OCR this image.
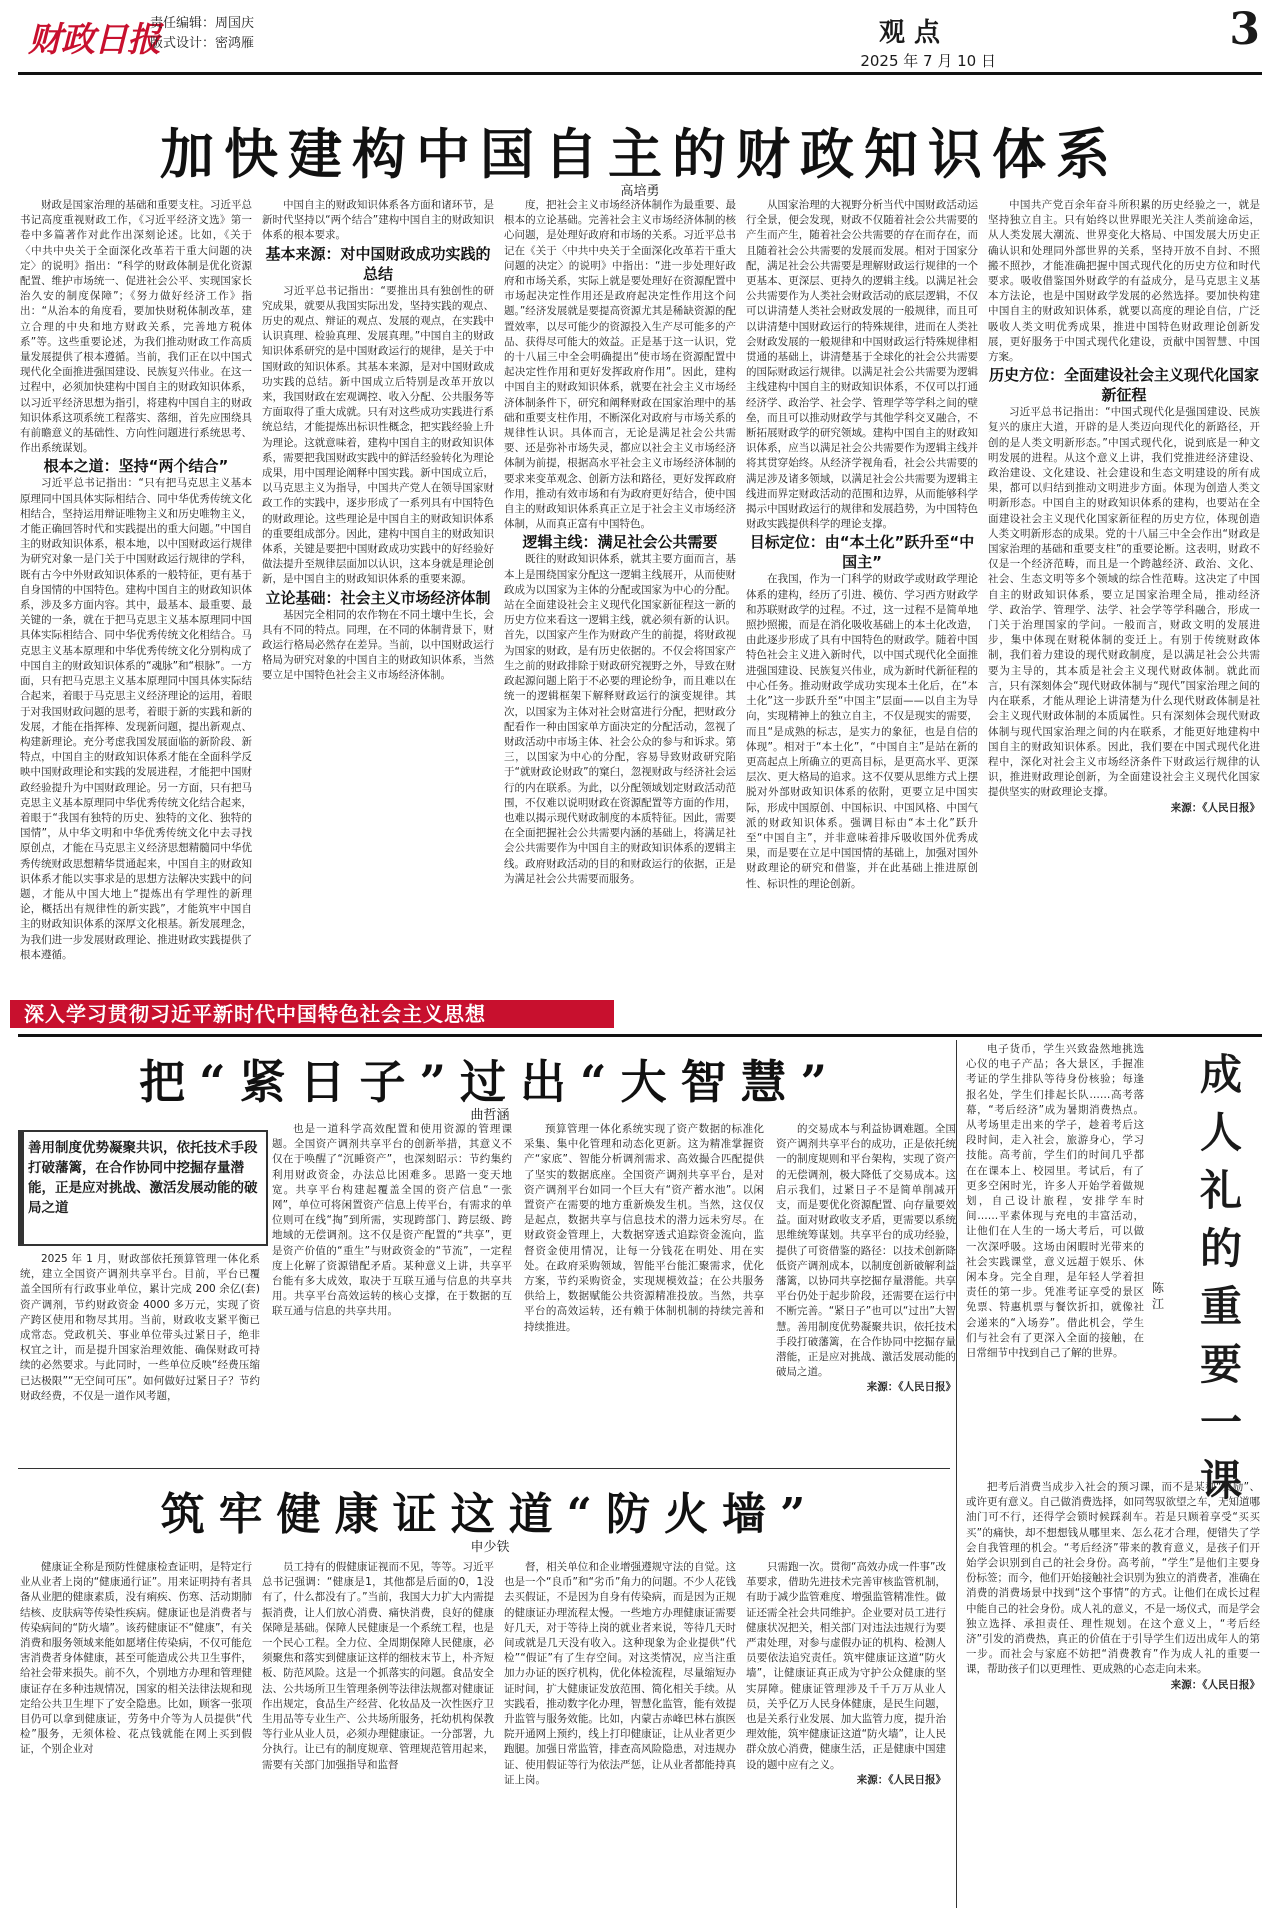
财政日报
责任编辑：周国庆
版式设计：密鸿雁	观 点
2025 年 7 月 10 日
3
加快建构中国自主的财政知识体系
高培勇

财政是国家治理的基础和重要支柱。习近平总书记高度重视财政工作，《习近平经济文选》第一卷中多篇著作对此作出深刻论述。比如，《关于〈中共中央关于全面深化改革若干重大问题的决定〉的说明》指出：“科学的财政体制是优化资源配置、维护市场统一、促进社会公平、实现国家长治久安的制度保障”；《努力做好经济工作》指出：“从治本的角度看，要加快财税体制改革，建立合理的中央和地方财政关系，完善地方税体系”等。这些重要论述，为我们推动财政工作高质量发展提供了根本遵循。当前，我们正在以中国式现代化全面推进强国建设、民族复兴伟业。在这一过程中，必须加快建构中国自主的财政知识体系，以习近平经济思想为指引，将建构中国自主的财政知识体系这项系统工程落实、落细，首先应围绕具有前瞻意义的基础性、方向性问题进行系统思考、作出系统谋划。

根本之道：坚持“两个结合”

习近平总书记指出：“只有把马克思主义基本原理同中国具体实际相结合、同中华优秀传统文化相结合，坚持运用辩证唯物主义和历史唯物主义，才能正确回答时代和实践提出的重大问题。”中国自主的财政知识体系，根本地，以中国财政运行规律为研究对象一是门关于中国财政运行规律的学科，既有古今中外财政知识体系的一般特征，更有基于自身国情的中国特色。建构中国自主的财政知识体系，涉及多方面内容。其中，最基本、最重要、最关键的一条，就在于把马克思主义基本原理同中国具体实际相结合、同中华优秀传统文化相结合。马克思主义基本原理和中华优秀传统文化分别构成了中国自主的财政知识体系的“魂脉”和“根脉”。一方面，只有把马克思主义基本原理同中国具体实际结合起来，着眼于马克思主义经济理论的运用，着眼于对我国财政问题的思考，着眼于新的实践和新的发展，才能在指挥棒、发现新问题，提出新观点、构建新理论。充分考虑我国发展面临的新阶段、新特点，中国自主的财政知识体系才能在全面科学反映中国财政理论和实践的发展进程，才能把中国财政经验提升为中国财政理论。另一方面，只有把马克思主义基本原理同中华优秀传统文化结合起来，着眼于“我国有独特的历史、独特的文化、独特的国情”，从中华文明和中华优秀传统文化中去寻找原创点，才能在马克思主义经济思想精髓同中华优秀传统财政思想精华贯通起来，中国自主的财政知识体系才能以实事求是的思想方法解决实践中的问题，才能从中国大地上“提炼出有学理性的新理论，概括出有规律性的新实践”，才能筑牢中国自主的财政知识体系的深厚文化根基。新发展理念，为我们进一步发展财政理论、推进财政实践提供了根本遵循。

中国自主的财政知识体系各方面和诸环节，是新时代坚持以“两个结合”建构中国自主的财政知识体系的根本要求。

基本来源：对中国财政成功实践的总结

习近平总书记指出：“要推出具有独创性的研究成果，就要从我国实际出发，坚持实践的观点、历史的观点、辩证的观点、发展的观点，在实践中认识真理、检验真理、发展真理。”中国自主的财政知识体系研究的是中国财政运行的规律，是关于中国财政的知识体系。其基本来源，是对中国财政成功实践的总结。新中国成立后特别是改革开放以来，我国财政在宏观调控、收入分配、公共服务等方面取得了重大成就。只有对这些成功实践进行系统总结，才能提炼出标识性概念，把实践经验上升为理论。这就意味着，建构中国自主的财政知识体系，需要把我国财政实践中的鲜活经验转化为理论成果，用中国理论阐释中国实践。新中国成立后，以马克思主义为指导，中国共产党人在领导国家财政工作的实践中，逐步形成了一系列具有中国特色的财政理论。这些理论是中国自主的财政知识体系的重要组成部分。因此，建构中国自主的财政知识体系，关键是要把中国财政成功实践中的好经验好做法提升至规律层面加以认识，这本身就是理论创新，是中国自主的财政知识体系的重要来源。

立论基础：社会主义市场经济体制

基因完全相同的农作物在不同土壤中生长，会具有不同的特点。同理，在不同的体制背景下，财政运行格局必然存在差异。当前，以中国财政运行格局为研究对象的中国自主的财政知识体系，当然要立足中国特色社会主义市场经济体制。

度，把社会主义市场经济体制作为最重要、最根本的立论基础。完善社会主义市场经济体制的核心问题，是处理好政府和市场的关系。习近平总书记在《关于〈中共中央关于全面深化改革若干重大问题的决定〉的说明》中指出：“进一步处理好政府和市场关系，实际上就是要处理好在资源配置中市场起决定性作用还是政府起决定性作用这个问题。”经济发展就是要提高资源尤其是稀缺资源的配置效率，以尽可能少的资源投入生产尽可能多的产品、获得尽可能大的效益。正是基于这一认识，党的十八届三中全会明确提出“使市场在资源配置中起决定性作用和更好发挥政府作用”。因此，建构中国自主的财政知识体系，就要在社会主义市场经济体制条件下，研究和阐释财政在国家治理中的基础和重要支柱作用，不断深化对政府与市场关系的规律性认识。具体而言，无论是满足社会公共需要、还是弥补市场失灵，都应以社会主义市场经济体制为前提，根据高水平社会主义市场经济体制的要求来变革观念、创新方法和路径，更好发挥政府作用，推动有效市场和有为政府更好结合，使中国自主的财政知识体系真正立足于社会主义市场经济体制，从而真正富有中国特色。

逻辑主线：满足社会公共需要

既往的财政知识体系，就其主要方面而言，基本上是围绕国家分配这一逻辑主线展开，从而使财政成为以国家为主体的分配或国家为中心的分配。站在全面建设社会主义现代化国家新征程这一新的历史方位来看这一逻辑主线，就必须有新的认识。首先，以国家产生作为财政产生的前提，将财政视为国家的财政，是有历史依据的。不仅会将国家产生之前的财政排除于财政研究视野之外，导致在财政起源问题上陷于不必要的理论纷争，而且难以在统一的逻辑框架下解释财政运行的演变规律。其次，以国家为主体对社会财富进行分配，把财政分配看作一种由国家单方面决定的分配活动，忽视了财政活动中市场主体、社会公众的参与和诉求。第三，以国家为中心的分配，容易导致财政研究陷于“就财政论财政”的窠臼，忽视财政与经济社会运行的内在联系。为此，以分配领域划定财政活动范围，不仅难以说明财政在资源配置等方面的作用，也难以揭示现代财政制度的本质特征。因此，需要在全面把握社会公共需要内涵的基础上，将满足社会公共需要作为中国自主的财政知识体系的逻辑主线。政府财政活动的目的和财政运行的依据，正是为满足社会公共需要而服务。

从国家治理的大视野分析当代中国财政活动运行全景，便会发现，财政不仅随着社会公共需要的产生而产生，随着社会公共需要的存在而存在，而且随着社会公共需要的发展而发展。相对于国家分配，满足社会公共需要是理解财政运行规律的一个更基本、更深层、更持久的逻辑主线。以满足社会公共需要作为人类社会财政活动的底层逻辑，不仅可以讲清楚人类社会财政发展的一般规律，而且可以讲清楚中国财政运行的特殊规律，进而在人类社会财政发展的一般规律和中国财政运行特殊规律相贯通的基础上，讲清楚基于全球化的社会公共需要的国际财政运行规律。以满足社会公共需要为逻辑主线建构中国自主的财政知识体系，不仅可以打通经济学、政治学、社会学、管理学等学科之间的壁垒，而且可以推动财政学与其他学科交叉融合，不断拓展财政学的研究领域。建构中国自主的财政知识体系，应当以满足社会公共需要作为逻辑主线并将其贯穿始终。从经济学视角看，社会公共需要的满足涉及诸多领域，以满足社会公共需要为逻辑主线进而界定财政活动的范围和边界，从而能够科学揭示中国财政运行的规律和发展趋势，为中国特色财政实践提供科学的理论支撑。

目标定位：由“本土化”跃升至“中国主”

在我国，作为一门科学的财政学或财政学理论体系的建构，经历了引进、模仿、学习西方财政学和苏联财政学的过程。不过，这一过程不是简单地照抄照搬，而是在消化吸收基础上的本土化改造，由此逐步形成了具有中国特色的财政学。随着中国特色社会主义进入新时代，以中国式现代化全面推进强国建设、民族复兴伟业，成为新时代新征程的中心任务。推动财政学成功实现本土化后，在“本土化”这一步跃升至“中国主”层面——以自主为导向，实现精神上的独立自主，不仅是现实的需要，而且“是成熟的标志，是实力的象征，也是自信的体现”。相对于“本土化”，“中国自主”是站在新的更高起点上所确立的更高目标，是更高水平、更深层次、更大格局的追求。这不仅要从思维方式上摆脱对外部财政知识体系的依附，更要立足中国实际，形成中国原创、中国标识、中国风格、中国气派的财政知识体系。强调目标由“本土化”跃升至“中国自主”，并非意味着排斥吸收国外优秀成果，而是要在立足中国国情的基础上，加强对国外财政理论的研究和借鉴，并在此基础上推进原创性、标识性的理论创新。

中国共产党百余年奋斗所积累的历史经验之一，就是坚持独立自主。只有始终以世界眼光关注人类前途命运，从人类发展大潮流、世界变化大格局、中国发展大历史正确认识和处理同外部世界的关系，坚持开放不自封、不照搬不照抄，才能准确把握中国式现代化的历史方位和时代要求。吸收借鉴国外财政学的有益成分，是马克思主义基本方法论，也是中国财政学发展的必然选择。要加快构建中国自主的财政知识体系，就要以高度的理论自信，广泛吸收人类文明优秀成果，推进中国特色财政理论创新发展，更好服务于中国式现代化建设，贡献中国智慧、中国方案。

历史方位：全面建设社会主义现代化国家新征程

习近平总书记指出：“中国式现代化是强国建设、民族复兴的康庄大道，开辟的是人类迈向现代化的新路径，开创的是人类文明新形态。”中国式现代化，说到底是一种文明发展的进程。从这个意义上讲，我们党推进经济建设、政治建设、文化建设、社会建设和生态文明建设的所有成果，都可以归结到推动文明进步方面。体现为创造人类文明新形态。中国自主的财政知识体系的建构，也要站在全面建设社会主义现代化国家新征程的历史方位，体现创造人类文明新形态的成果。党的十八届三中全会作出“财政是国家治理的基础和重要支柱”的重要论断。这表明，财政不仅是一个经济范畴，而且是一个跨越经济、政治、文化、社会、生态文明等多个领域的综合性范畴。这决定了中国自主的财政知识体系，要立足国家治理全局，推动经济学、政治学、管理学、法学、社会学等学科融合，形成一门关于治理国家的学问。一般而言，财政文明的发展进步，集中体现在财税体制的变迁上。有别于传统财政体制，我们着力建设的现代财政制度，是以满足社会公共需要为主导的，其本质是社会主义现代财政体制。就此而言，只有深刻体会“现代财政体制与“现代”国家治理之间的内在联系，才能从理论上讲清楚为什么现代财政体制是社会主义现代财政体制的本质属性。只有深刻体会现代财政体制与现代国家治理之间的内在联系，才能更好地建构中国自主的财政知识体系。因此，我们要在中国式现代化进程中，深化对社会主义市场经济条件下财政运行规律的认识，推进财政理论创新，为全面建设社会主义现代化国家提供坚实的财政理论支撑。

来源：《人民日报》

深入学习贯彻习近平新时代中国特色社会主义思想
把“紧日子”过出“大智慧”
曲哲涵
善用制度优势凝聚共识，依托技术手段打破藩篱，在合作协同中挖掘存量潜能，正是应对挑战、激活发展动能的破局之道

2025 年 1 月，财政部依托预算管理一体化系统，建立全国资产调剂共享平台。目前，平台已覆盖全国所有行政事业单位，累计完成 200 余亿(套)资产调剂，节约财政资金 4000 多万元，实现了资产跨区使用和物尽其用。当前，财政收支紧平衡已成常态。党政机关、事业单位带头过紧日子，绝非权宜之计，而是提升国家治理效能、确保财政可持续的必然要求。与此同时，一些单位反映“经费压缩已达极限”“无空间可压”。如何做好过紧日子？节约财政经费，不仅是一道作风考题，

也是一道科学高效配置和使用资源的管理课题。全国资产调剂共享平台的创新举措，其意义不仅在于唤醒了“沉睡资产”，也深刻昭示：节约集约利用财政资金，办法总比困难多。思路一变天地宽。共享平台构建起覆盖全国的资产信息“一张网”，单位可将闲置资产信息上传平台，有需求的单位则可在线“掏”到所需，实现跨部门、跨层级、跨地域的无偿调剂。这不仅是资产配置的“共享”，更是资产价值的“重生”与财政资金的“节流”，一定程度上化解了资源错配矛盾。某种意义上讲，共享平台能有多大成效，取决于互联互通与信息的共享共用。共享平台高效运转的核心支撑，在于数据的互联互通与信息的共享共用。

预算管理一体化系统实现了资产数据的标准化采集、集中化管理和动态化更新。这为精准掌握资产“家底”、智能分析调剂需求、高效撮合匹配提供了坚实的数据底座。全国资产调剂共享平台，是对资产调剂平台如同一个巨大有“资产蓄水池”。以闲置资产在需要的地方重新焕发生机。当然，这仅仅是起点，数据共享与信息技术的潜力远未穷尽。在财政资金管理上，大数据穿透式追踪资金流向，监督资金使用情况，让每一分钱花在明处、用在实处。在政府采购领域，智能平台能汇聚需求，优化方案，节约采购资金，实现规模效益；在公共服务供给上，数据赋能公共资源精准投放。当然，共享平台的高效运转，还有赖于体制机制的持续完善和持续推进。

的交易成本与利益协调难题。全国资产调剂共享平台的成功，正是依托统一的制度规则和平台架构，实现了资产的无偿调剂，极大降低了交易成本。这启示我们，过紧日子不是简单削减开支，而是要优化资源配置、向存量要效益。面对财政收支矛盾，更需要以系统思维统筹谋划。共享平台的成功经验，提供了可资借鉴的路径：以技术创新降低资产调剂成本，以制度创新破解利益藩篱，以协同共享挖掘存量潜能。共享平台仍处于起步阶段，还需要在运行中不断完善。“紧日子”也可以“过出”大智慧。善用制度优势凝聚共识，依托技术手段打破藩篱，在合作协同中挖掘存量潜能，正是应对挑战、激活发展动能的破局之道。

来源：《人民日报》

筑牢健康证这道“防火墙”
申少铁

健康证全称是预防性健康检查证明，是特定行业从业者上岗的“健康通行证”。用来证明持有者具备从业肥的健康素质，没有痢疾、伤寒、活动期肺结核、皮肤病等传染性疾病。健康证也是消费者与传染病间的“防火墙”。该药健康证不“健康”，有关消费和服务领域来能如愿堵住传染病，不仅可能危害消费者身体健康，甚至可能造成公共卫生事件，给社会带来损失。前不久，个别地方办理和管理健康证存在多种违规情况，国家的相关法律法规和现定给公共卫生埋下了安全隐患。比如，顾客一张项目仍可以拿到健康证，劳务中介等为人员提供“代检”服务，无须体检、花点钱就能在网上买到假证，个别企业对

员工持有的假健康证视而不见，等等。习近平总书记强调：“健康是1，其他都是后面的0，1没有了，什么都没有了。”当前，我国大力扩大内需提振消费，让人们放心消费、痛快消费，良好的健康保障是基础。保障人民健康是一个系统工程，也是一个民心工程。全力位、全周期保障人民健康，必须聚焦和落实到健康证这样的细枝末节上，朴齐短板、防范风险。这是一个抓落实的问题。食品安全法、公共场所卫生管理条例等法律法规都对健康证作出规定，食品生产经营、化妆品及一次性医疗卫生用品等专业生产、公共场所服务，托幼机构保教等行业从业人员，必须办理健康证。一分部署，九分执行。让已有的制度规章、管理规范管用起来，需要有关部门加强指导和监督

督，相关单位和企业增强遵规守法的自觉。这也是一个“良币”和“劣币”角力的问题。不少人花钱去买假证，不是因为自身有传染病，而是因为正规的健康证办理流程太慢。一些地方办理健康证需要好几天，对于等待上岗的就业者来说，等待几天时间或就是几天没有收入。这种现象为企业提供“代检”“假证”有了生存空间。对这类情况，应当注重加力办证的医疗机构，优化体检流程，尽量缩短办证时间，扩大健康证发放范围、简化相关手续。从实践看，推动数字化办理，智慧化监管，能有效提升监管与服务效能。比如，内蒙古赤峰巴林右旗医院开通网上预约，线上打印健康证，让从业者更少跑腿。加强日常监管，排查高风险隐患，对违规办证、使用假证等行为依法严惩，让从业者都能持真证上岗。

只需跑一次。贯彻“高效办成一件事”改革要求，借助先进技术完善审核监管机制，有助于减少监管难度、增强监管精准性。做证还需全社会共同维护。企业要对员工进行健康状况把关，相关部门对违法违规行为要严肃处理，对参与虚假办证的机构、检测人员要依法追究责任。筑牢健康证这道“防火墙”，让健康证真正成为守护公众健康的坚实屏障。健康证管理涉及千千万万从业人员，关乎亿万人民身体健康，是民生问题，也是关系行业发展、加大监管力度，提升治理效能，筑牢健康证这道“防火墙”，让人民群众放心消费，健康生活，正是健康中国建设的题中应有之义。

来源：《人民日报》

电子货币，学生兴致盎然地挑选心仪的电子产品；各大景区，手握准考证的学生排队等待身份核验；每逢报名处，学生们排起长队……高考落幕，“考后经济”成为暑期消费热点。从考场里走出来的学子，趁着考后这段时间，走入社会，旅游身心，学习技能。高考前，学生们的时间几乎都在在课本上、校园里。考试后，有了更多空闲时光，许多人开始学着做规划，自己设计旅程，安排学车时间……平素体现与充电的丰富活动，让他们在人生的一场大考后，可以做一次深呼吸。这场由闲暇时光带来的社会实践课堂，意义远超于娱乐、休闲本身。完全自理，是年轻人学着担责任的第一步。凭准考证享受的景区免票、特惠机票与餐饮折扣，就像社会递来的“入场券”。借此机会，学生们与社会有了更深入全面的接触，在日常细节中找到自己了解的世界。

陈江
成人礼的重要一课

把考后消费当成步入社会的预习课，而不是某种“奖励”、或许更有意义。自己做消费选择，如同驾驭欲望之车，无知道哪油门可不行，还得学会锁时候踩刹车。若是只顾着享受“买买买”的痛快，却不想想钱从哪里来、怎么花才合理，便错失了学会自我管理的机会。“考后经济”带来的教育意义，是孩子们开始学会识别到自己的社会身份。高考前，“学生”是他们主要身份标签；而今，他们开始接触社会识别为独立的消费者，准确在消费的消费场景中找到“这个事情”的方式。让他们在成长过程中能自己的社会身份。成人礼的意义，不是一场仪式，而是学会独立选择、承担责任、理性规划。在这个意义上，“考后经济”引发的消费热，真正的价值在于引导学生们迈出成年人的第一步。而社会与家庭不妨把“消费教育”作为成人礼的重要一课，帮助孩子们以更理性、更成熟的心态走向未来。

来源：《人民日报》
